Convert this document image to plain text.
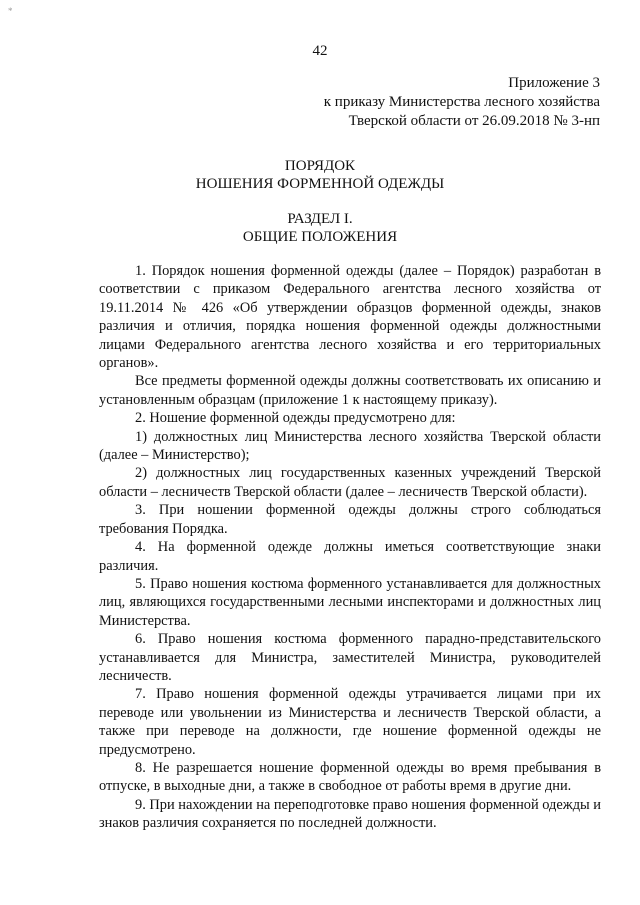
*
42
Приложение 3
к приказу Министерства лесного хозяйства
Тверской области от 26.09.2018 № 3-нп
ПОРЯДОК
НОШЕНИЯ ФОРМЕННОЙ ОДЕЖДЫ
РАЗДЕЛ I.
ОБЩИЕ ПОЛОЖЕНИЯ

1. Порядок ношения форменной одежды (далее – Порядок) разработан в соответствии с приказом Федерального агентства лесного хозяйства от 19.11.2014 № 426 «Об утверждении образцов форменной одежды, знаков различия и отличия, порядка ношения форменной одежды должностными лицами Федерального агентства лесного хозяйства и его территориальных органов».

Все предметы форменной одежды должны соответствовать их описанию и установленным образцам (приложение 1 к настоящему приказу).

2. Ношение форменной одежды предусмотрено для:

1) должностных лиц Министерства лесного хозяйства Тверской области (далее – Министерство);

2) должностных лиц государственных казенных учреждений Тверской области – лесничеств Тверской области (далее – лесничеств Тверской области).

3. При ношении форменной одежды должны строго соблюдаться требования Порядка.

4. На форменной одежде должны иметься соответствующие знаки различия.

5. Право ношения костюма форменного устанавливается для должностных лиц, являющихся государственными лесными инспекторами и должностных лиц Министерства.

6. Право ношения костюма форменного парадно-представительского устанавливается для Министра, заместителей Министра, руководителей лесничеств.

7. Право ношения форменной одежды утрачивается лицами при их переводе или увольнении из Министерства и лесничеств Тверской области, а также при переводе на должности, где ношение форменной одежды не предусмотрено.

8. Не разрешается ношение форменной одежды во время пребывания в отпуске, в выходные дни, а также в свободное от работы время в другие дни.

9. При нахождении на переподготовке право ношения форменной одежды и знаков различия сохраняется по последней должности.
